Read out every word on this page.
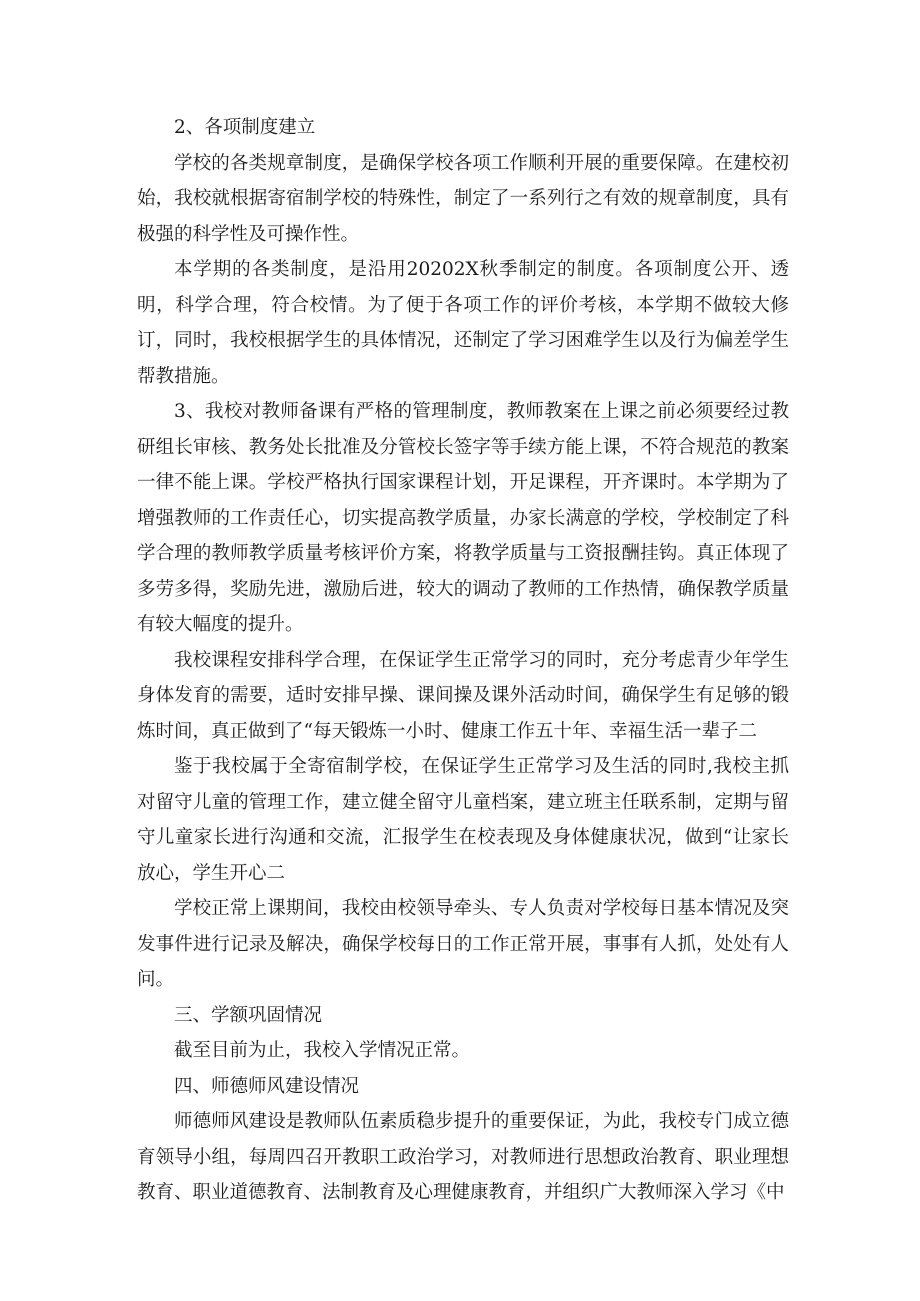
2、各项制度建立

学校的各类规章制度，是确保学校各项工作顺利开展的重要保障。在建校初始，我校就根据寄宿制学校的特殊性，制定了一系列行之有效的规章制度，具有极强的科学性及可操作性。

本学期的各类制度，是沿用20202X秋季制定的制度。各项制度公开、透明，科学合理，符合校情。为了便于各项工作的评价考核，本学期不做较大修订，同时，我校根据学生的具体情况，还制定了学习困难学生以及行为偏差学生帮教措施。

3、我校对教师备课有严格的管理制度，教师教案在上课之前必须要经过教研组长审核、教务处长批准及分管校长签字等手续方能上课，不符合规范的教案一律不能上课。学校严格执行国家课程计划，开足课程，开齐课时。本学期为了增强教师的工作责任心，切实提高教学质量，办家长满意的学校，学校制定了科学合理的教师教学质量考核评价方案，将教学质量与工资报酬挂钩。真正体现了多劳多得，奖励先进，激励后进，较大的调动了教师的工作热情，确保教学质量有较大幅度的提升。

我校课程安排科学合理，在保证学生正常学习的同时，充分考虑青少年学生身体发育的需要，适时安排早操、课间操及课外活动时间，确保学生有足够的锻炼时间，真正做到了“每天锻炼一小时、健康工作五十年、幸福生活一辈子二

鉴于我校属于全寄宿制学校，在保证学生正常学习及生活的同时,我校主抓对留守儿童的管理工作，建立健全留守儿童档案，建立班主任联系制，定期与留守儿童家长进行沟通和交流，汇报学生在校表现及身体健康状况，做到“让家长放心，学生开心二

学校正常上课期间，我校由校领导牵头、专人负责对学校每日基本情况及突发事件进行记录及解决，确保学校每日的工作正常开展，事事有人抓，处处有人问。

三、学额巩固情况

截至目前为止，我校入学情况正常。

四、师德师风建设情况

师德师风建设是教师队伍素质稳步提升的重要保证，为此，我校专门成立德育领导小组，每周四召开教职工政治学习，对教师进行思想政治教育、职业理想教育、职业道德教育、法制教育及心理健康教育，并组织广大教师深入学习《中
